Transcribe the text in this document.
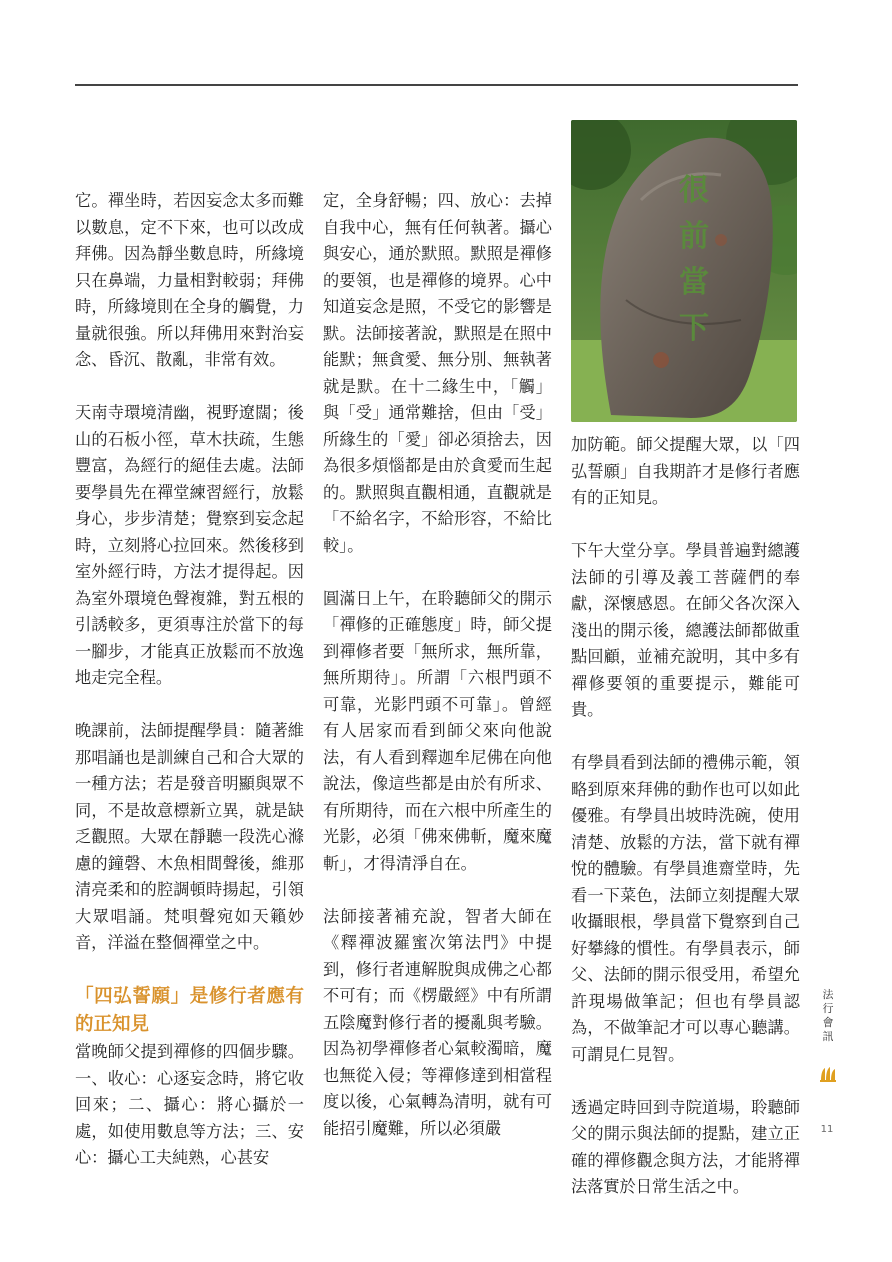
它。禪坐時，若因妄念太多而難以數息，定不下來，也可以改成拜佛。因為靜坐數息時，所緣境只在鼻端，力量相對較弱；拜佛時，所緣境則在全身的觸覺，力量就很強。所以拜佛用來對治妄念、昏沉、散亂，非常有效。

天南寺環境清幽，視野遼闊；後山的石板小徑，草木扶疏，生態豐富，為經行的絕佳去處。法師要學員先在禪堂練習經行，放鬆身心，步步清楚；覺察到妄念起時，立刻將心拉回來。然後移到室外經行時，方法才提得起。因為室外環境色聲複雜，對五根的引誘較多，更須專注於當下的每一腳步，才能真正放鬆而不放逸地走完全程。

晚課前，法師提醒學員：隨著維那唱誦也是訓練自己和合大眾的一種方法；若是發音明顯與眾不同，不是故意標新立異，就是缺乏觀照。大眾在靜聽一段洗心滌慮的鐘磬、木魚相間聲後，維那清亮柔和的腔調頓時揚起，引領大眾唱誦。梵唄聲宛如天籟妙音，洋溢在整個禪堂之中。

「四弘誓願」是修行者應有的正知見

當晚師父提到禪修的四個步驟。一、收心：心逐妄念時，將它收回來；二、攝心：將心攝於一處，如使用數息等方法；三、安心：攝心工夫純熟，心甚安

定，全身舒暢；四、放心：去掉自我中心，無有任何執著。攝心與安心，通於默照。默照是禪修的要領，也是禪修的境界。心中知道妄念是照，不受它的影響是默。法師接著說，默照是在照中能默；無貪愛、無分別、無執著就是默。在十二緣生中，「觸」與「受」通常難捨，但由「受」所緣生的「愛」卻必須捨去，因為很多煩惱都是由於貪愛而生起的。默照與直觀相通，直觀就是「不給名字，不給形容，不給比較」。

圓滿日上午，在聆聽師父的開示「禪修的正確態度」時，師父提到禪修者要「無所求，無所靠，無所期待」。所謂「六根門頭不可靠，光影門頭不可靠」。曾經有人居家而看到師父來向他說法，有人看到釋迦牟尼佛在向他說法，像這些都是由於有所求、有所期待，而在六根中所產生的光影，必須「佛來佛斬，魔來魔斬」，才得清淨自在。

法師接著補充說，智者大師在《釋禪波羅蜜次第法門》中提到，修行者連解脫與成佛之心都不可有；而《楞嚴經》中有所謂五陰魔對修行者的擾亂與考驗。因為初學禪修者心氣較濁暗，魔也無從入侵；等禪修達到相當程度以後，心氣轉為清明，就有可能招引魔難，所以必須嚴

很
前
當
下

加防範。師父提醒大眾，以「四弘誓願」自我期許才是修行者應有的正知見。

下午大堂分享。學員普遍對總護法師的引導及義工菩薩們的奉獻，深懷感恩。在師父各次深入淺出的開示後，總護法師都做重點回顧，並補充說明，其中多有禪修要領的重要提示，難能可貴。

有學員看到法師的禮佛示範，領略到原來拜佛的動作也可以如此優雅。有學員出坡時洗碗，使用清楚、放鬆的方法，當下就有禪悅的體驗。有學員進齋堂時，先看一下菜色，法師立刻提醒大眾收攝眼根，學員當下覺察到自己好攀緣的慣性。有學員表示，師父、法師的開示很受用，希望允許現場做筆記；但也有學員認為，不做筆記才可以專心聽講。可謂見仁見智。

透過定時回到寺院道場，聆聽師父的開示與法師的提點，建立正確的禪修觀念與方法，才能將禪法落實於日常生活之中。

法
行
會
訊
11
